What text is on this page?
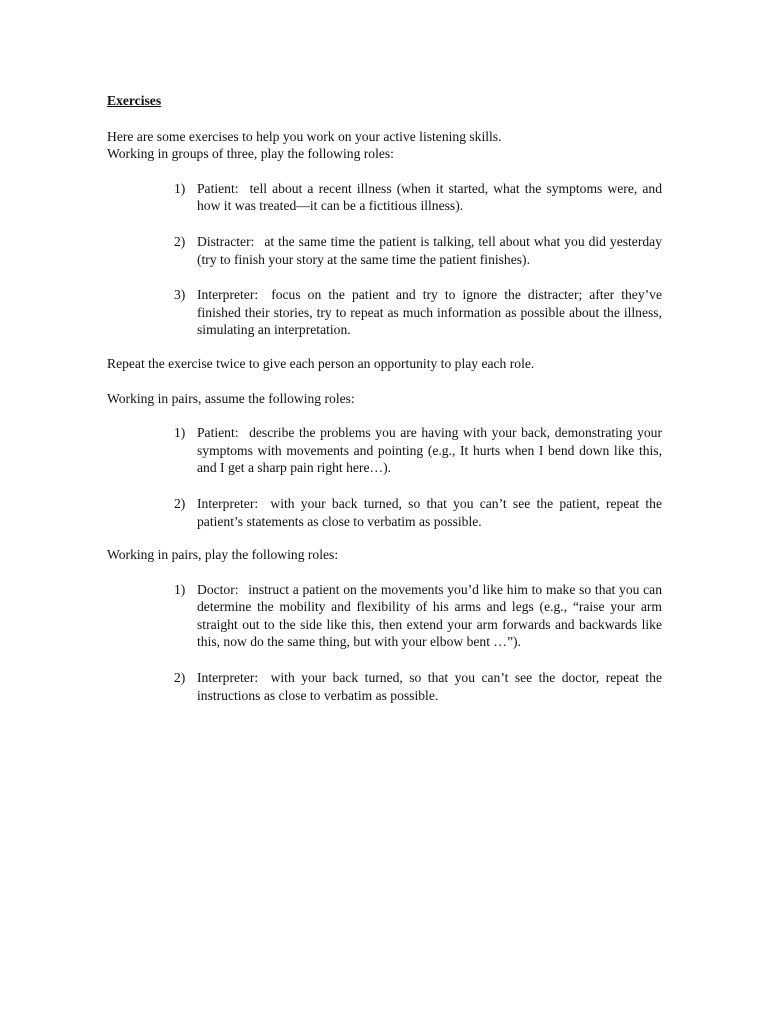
Exercises

Here are some exercises to help you work on your active listening skills.

Working in groups of three, play the following roles:

1) Patient: tell about a recent illness (when it started, what the symptoms were, and how it was treated—it can be a fictitious illness).
2) Distracter: at the same time the patient is talking, tell about what you did yesterday (try to finish your story at the same time the patient finishes).
3) Interpreter: focus on the patient and try to ignore the distracter; after they’ve finished their stories, try to repeat as much information as possible about the illness, simulating an interpretation.

Repeat the exercise twice to give each person an opportunity to play each role.

Working in pairs, assume the following roles:

1) Patient: describe the problems you are having with your back, demonstrating your symptoms with movements and pointing (e.g., It hurts when I bend down like this, and I get a sharp pain right here…).
2) Interpreter: with your back turned, so that you can’t see the patient, repeat the patient’s statements as close to verbatim as possible.

Working in pairs, play the following roles:

1) Doctor: instruct a patient on the movements you’d like him to make so that you can determine the mobility and flexibility of his arms and legs (e.g., “raise your arm straight out to the side like this, then extend your arm forwards and backwards like this, now do the same thing, but with your elbow bent …”).
2) Interpreter: with your back turned, so that you can’t see the doctor, repeat the instructions as close to verbatim as possible.
